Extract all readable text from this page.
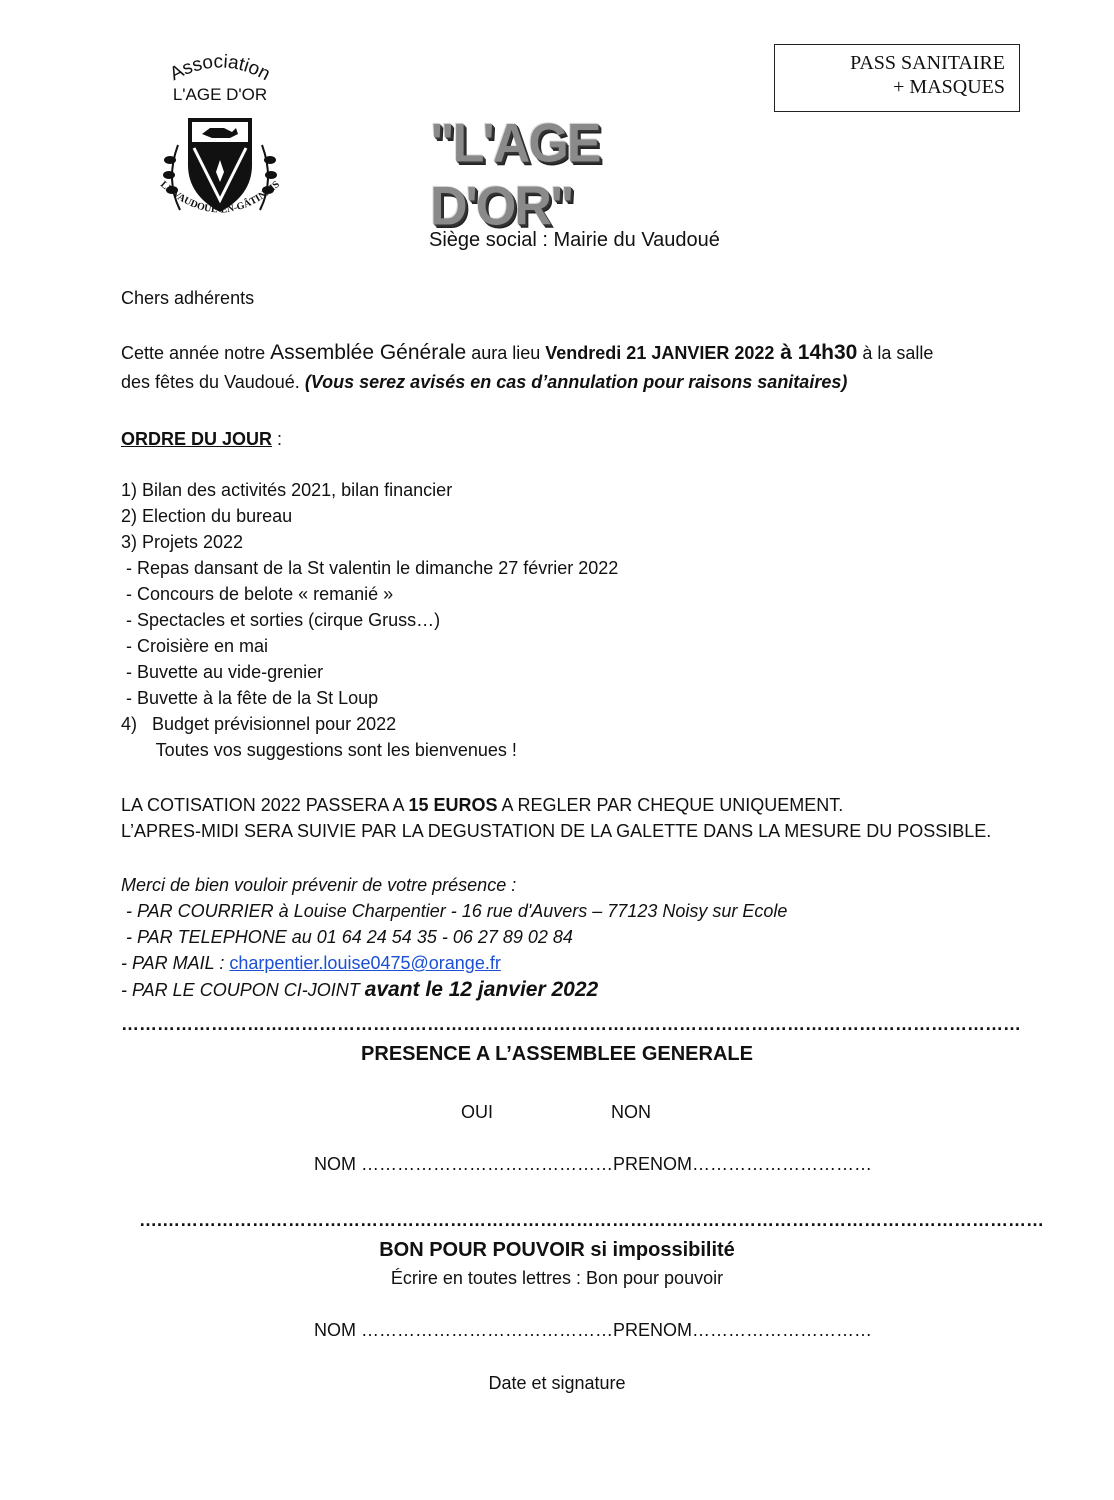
PASS SANITAIRE
+ MASQUES
Association
L'AGE D'OR
LE VAUDOUÉ-EN-GÂTINAIS
"L'AGE D'OR"
Siège social : Mairie du Vaudoué
Chers adhérents
Cette année notre Assemblée Générale aura lieu Vendredi 21 JANVIER 2022 à 14h30 à la salle
des fêtes du Vaudoué. (Vous serez avisés en cas d’annulation pour raisons sanitaires)
ORDRE DU JOUR :
1) Bilan des activités 2021, bilan financier
2) Election du bureau
3) Projets 2022
- Repas dansant de la St valentin le dimanche 27 février 2022
- Concours de belote « remanié »
- Spectacles et sorties (cirque Gruss…)
- Croisière en mai
- Buvette au vide-grenier
- Buvette à la fête de la St Loup
4)   Budget prévisionnel pour 2022
Toutes vos suggestions sont les bienvenues !
LA COTISATION 2022 PASSERA A 15 EUROS A REGLER PAR CHEQUE UNIQUEMENT.
L’APRES-MIDI SERA SUIVIE PAR LA DEGUSTATION DE LA GALETTE DANS LA MESURE DU POSSIBLE.
Merci de bien vouloir prévenir de votre présence :
- PAR COURRIER à Louise Charpentier - 16 rue d'Auvers – 77123 Noisy sur Ecole
- PAR TELEPHONE au 01 64 24 54 35 - 06 27 89 02 84
- PAR MAIL : charpentier.louise0475@orange.fr
- PAR LE COUPON CI-JOINT avant le 12 janvier 2022
……………………………………………………………………………………………………………………………………
PRESENCE A L’ASSEMBLEE GENERALE
OUI	NON
NOM ……………………………………PRENOM…………………………
….…………………………………………………………………………………………………………………………………
BON POUR POUVOIR si impossibilité
Écrire en toutes lettres : Bon pour pouvoir
NOM ……………………………………PRENOM…………………………
Date et signature
